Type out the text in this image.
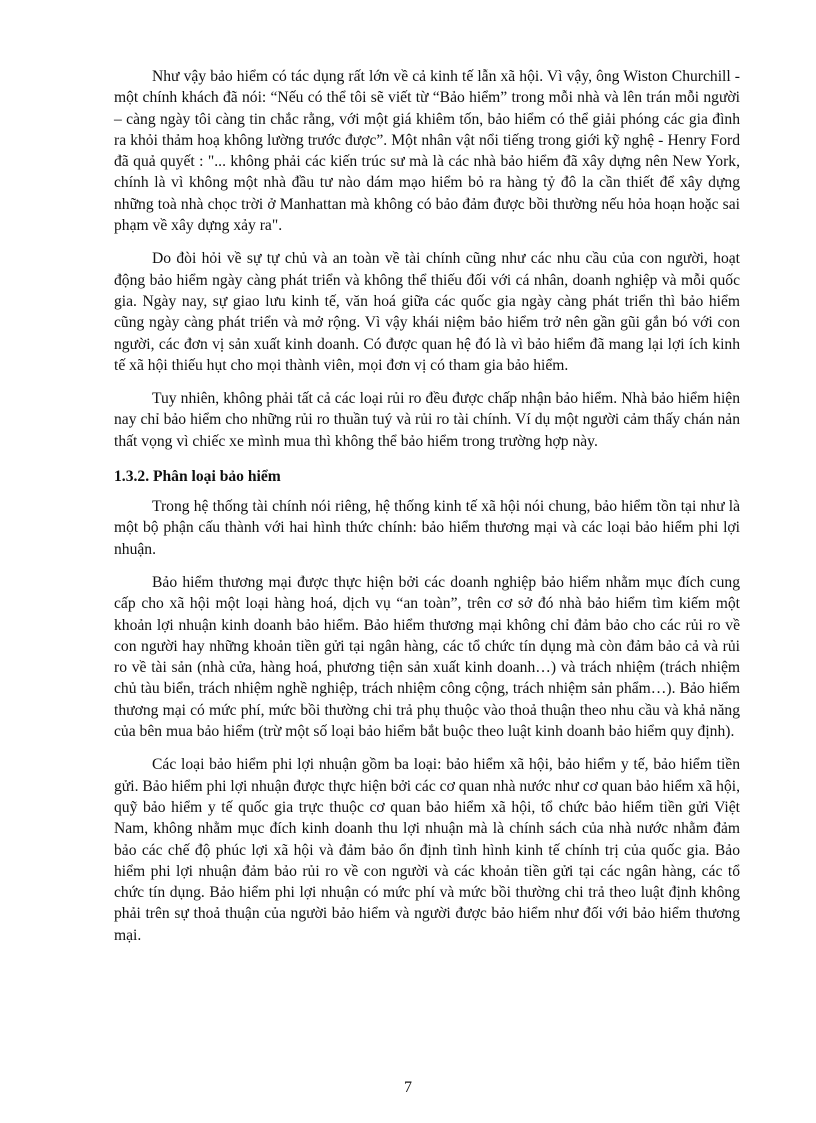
Như vậy bảo hiểm có tác dụng rất lớn về cả kinh tế lẫn xã hội. Vì vậy, ông Wiston Churchill - một chính khách đã nói: “Nếu có thể tôi sẽ viết từ “Bảo hiểm” trong mỗi nhà và lên trán mỗi người – càng ngày tôi càng tin chắc rằng, với một giá khiêm tốn, bảo hiểm có thể giải phóng các gia đình ra khỏi thảm hoạ không lường trước được”. Một nhân vật nổi tiếng trong giới kỹ nghệ - Henry Ford đã quả quyết : "... không phải các kiến trúc sư mà là các nhà bảo hiểm đã xây dựng nên New York, chính là vì không một nhà đầu tư nào dám mạo hiểm bỏ ra hàng tỷ đô la cần thiết để xây dựng những toà nhà chọc trời ở Manhattan mà không có bảo đảm được bồi thường nếu hỏa hoạn hoặc sai phạm về xây dựng xảy ra".

Do đòi hỏi về sự tự chủ và an toàn về tài chính cũng như các nhu cầu của con người, hoạt động bảo hiểm ngày càng phát triển và không thể thiếu đối với cá nhân, doanh nghiệp và mỗi quốc gia. Ngày nay, sự giao lưu kinh tế, văn hoá giữa các quốc gia ngày càng phát triển thì bảo hiểm cũng ngày càng phát triển và mở rộng. Vì vậy khái niệm bảo hiểm trở nên gần gũi gắn bó với con người, các đơn vị sản xuất kinh doanh. Có được quan hệ đó là vì bảo hiểm đã mang lại lợi ích kinh tế xã hội thiếu hụt cho mọi thành viên, mọi đơn vị có tham gia bảo hiểm.

Tuy nhiên, không phải tất cả các loại rủi ro đều được chấp nhận bảo hiểm. Nhà bảo hiểm hiện nay chỉ bảo hiểm cho những rủi ro thuần tuý và rủi ro tài chính. Ví dụ một người cảm thấy chán nản thất vọng vì chiếc xe mình mua thì không thể bảo hiểm trong trường hợp này.

1.3.2. Phân loại bảo hiểm

Trong hệ thống tài chính nói riêng, hệ thống kinh tế xã hội nói chung, bảo hiểm tồn tại như là một bộ phận cấu thành với hai hình thức chính: bảo hiểm thương mại và các loại bảo hiểm phi lợi nhuận.

Bảo hiểm thương mại được thực hiện bởi các doanh nghiệp bảo hiểm nhằm mục đích cung cấp cho xã hội một loại hàng hoá, dịch vụ “an toàn”, trên cơ sở đó nhà bảo hiểm tìm kiếm một khoản lợi nhuận kinh doanh bảo hiểm. Bảo hiểm thương mại không chỉ đảm bảo cho các rủi ro về con người hay những khoản tiền gửi tại ngân hàng, các tổ chức tín dụng mà còn đảm bảo cả và rủi ro về tài sản (nhà cửa, hàng hoá, phương tiện sản xuất kinh doanh…) và trách nhiệm (trách nhiệm chủ tàu biển, trách nhiệm nghề nghiệp, trách nhiệm công cộng, trách nhiệm sản phẩm…). Bảo hiểm thương mại có mức phí, mức bồi thường chi trả phụ thuộc vào thoả thuận theo nhu cầu và khả năng của bên mua bảo hiểm (trừ một số loại bảo hiểm bắt buộc theo luật kinh doanh bảo hiểm quy định).

Các loại bảo hiểm phi lợi nhuận gồm ba loại: bảo hiểm xã hội, bảo hiểm y tế, bảo hiểm tiền gửi. Bảo hiểm phi lợi nhuận được thực hiện bởi các cơ quan nhà nước như cơ quan bảo hiểm xã hội, quỹ bảo hiểm y tế quốc gia trực thuộc cơ quan bảo hiểm xã hội, tổ chức bảo hiểm tiền gửi Việt Nam, không nhằm mục đích kinh doanh thu lợi nhuận mà là chính sách của nhà nước nhằm đảm bảo các chế độ phúc lợi xã hội và đảm bảo ổn định tình hình kinh tế chính trị của quốc gia. Bảo hiểm phi lợi nhuận đảm bảo rủi ro về con người và các khoản tiền gửi tại các ngân hàng, các tổ chức tín dụng. Bảo hiểm phi lợi nhuận có mức phí và mức bồi thường chi trả theo luật định không phải trên sự thoả thuận của người bảo hiểm và người được bảo hiểm như đối với bảo hiểm thương mại.

7
